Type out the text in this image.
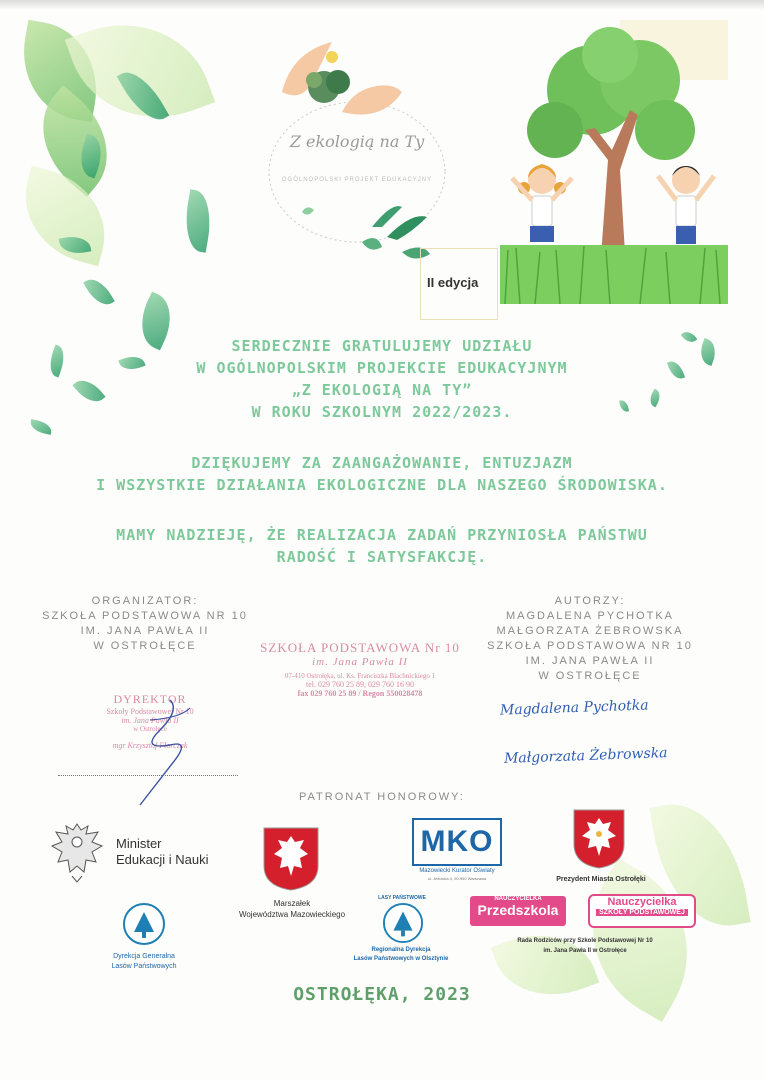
Z ekologią na Ty
OGÓLNOPOLSKI PROJEKT EDUKACYJNY
II edycja
SERDECZNIE GRATULUJEMY UDZIAŁU
W OGÓLNOPOLSKIM PROJEKCIE EDUKACYJNYM
„Z EKOLOGIĄ NA TY”
W ROKU SZKOLNYM 2022/2023.
DZIĘKUJEMY ZA ZAANGAŻOWANIE, ENTUZJAZM
I WSZYSTKIE DZIAŁANIA EKOLOGICZNE DLA NASZEGO ŚRODOWISKA.
MAMY NADZIEJĘ, ŻE REALIZACJA ZADAŃ PRZYNIOSŁA PAŃSTWU
RADOŚĆ I SATYSFAKCJĘ.
ORGANIZATOR:
SZKOŁA PODSTAWOWA NR 10
IM. JANA PAWŁA II
W OSTROŁĘCE
AUTORZY:
MAGDALENA PYCHOTKA
MAŁGORZATA ŻEBROWSKA
SZKOŁA PODSTAWOWA NR 10
IM. JANA PAWŁA II
W OSTROŁĘCE
SZKOŁA PODSTAWOWA Nr 10
im. Jana Pawła II
07-410 Ostrołęka, ul. Ks. Franciszka Blachnickiego 1
tel. 029 760 25 89, 029 760 16 90
fax 029 760 25 89 / Regon 550028478
DYREKTOR
Szkoły Podstawowej Nr 10
im. Jana Pawła II
w Ostrołęce
mgr Krzysztof Florczak
Magdalena Pychotka
Małgorzata Żebrowska
PATRONAT HONOROWY:
Minister
Edukacji i Nauki
Marszałek
Województwa Mazowieckiego
MKO
Mazowiecki Kurator Oświaty
ul. Jezuicka 4, 00-950 Warszawa	Prezydent Miasta Ostrołęki
Dyrekcja Generalna
Lasów Państwowych
LASY PAŃSTWOWE
Regionalna Dyrekcja
Lasów Państwowych w Olsztynie
NAUCZYCIELKA
Przedszkola	Nauczycielka
SZKOŁY PODSTAWOWEJ
Rada Rodziców przy Szkole Podstawowej Nr 10
im. Jana Pawła II w Ostrołęce
OSTROŁĘKA, 2023
